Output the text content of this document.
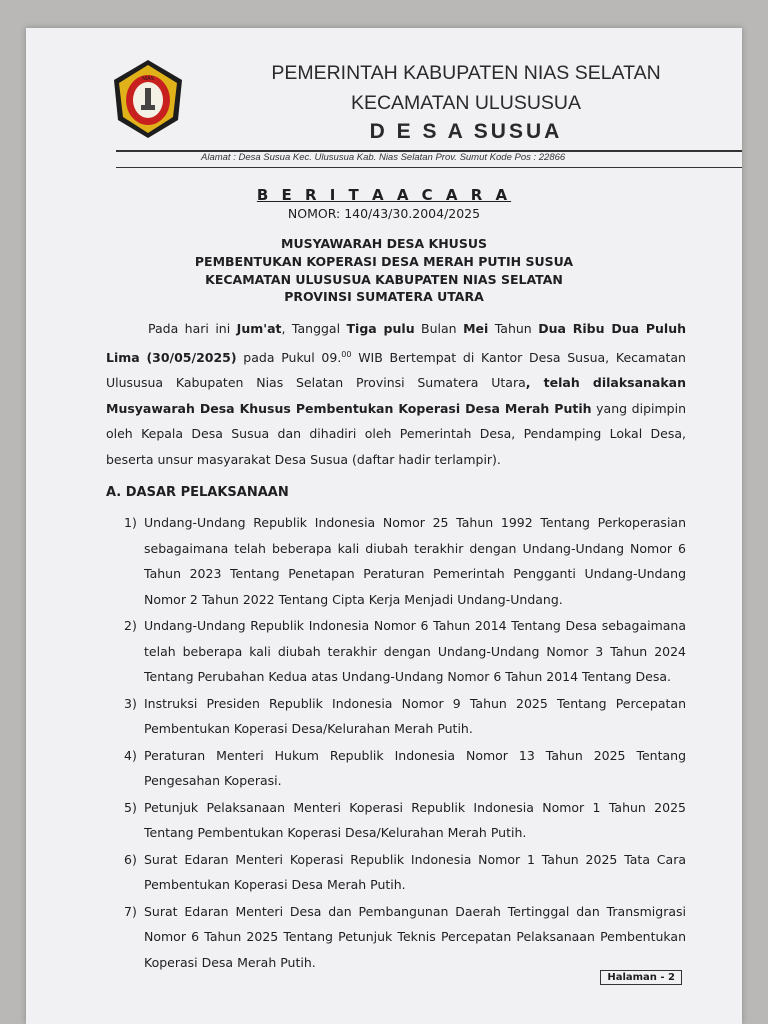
NIAS	PEMERINTAH KABUPATEN NIAS SELATAN
KECAMATAN ULUSUSUA
D E S A SUSUA
Alamat : Desa Susua Kec. Ulususua Kab. Nias Selatan Prov. Sumut Kode Pos : 22866
B E R I T A A C A R A
NOMOR: 140/43/30.2004/2025
MUSYAWARAH DESA KHUSUS
PEMBENTUKAN KOPERASI DESA MERAH PUTIH SUSUA
KECAMATAN ULUSUSUA KABUPATEN NIAS SELATAN
PROVINSI SUMATERA UTARA
Pada hari ini Jum'at, Tanggal Tiga pulu Bulan Mei Tahun Dua Ribu Dua Puluh Lima (30/05/2025) pada Pukul 09.00 WIB Bertempat di Kantor Desa Susua, Kecamatan Ulususua Kabupaten Nias Selatan Provinsi Sumatera Utara, telah dilaksanakan Musyawarah Desa Khusus Pembentukan Koperasi Desa Merah Putih yang dipimpin oleh Kepala Desa Susua dan dihadiri oleh Pemerintah Desa, Pendamping Lokal Desa, beserta unsur masyarakat Desa Susua (daftar hadir terlampir).
A. DASAR PELAKSANAAN
1) Undang-Undang Republik Indonesia Nomor 25 Tahun 1992 Tentang Perkoperasian sebagaimana telah beberapa kali diubah terakhir dengan Undang-Undang Nomor 6 Tahun 2023 Tentang Penetapan Peraturan Pemerintah Pengganti Undang-Undang Nomor 2 Tahun 2022 Tentang Cipta Kerja Menjadi Undang-Undang.
2) Undang-Undang Republik Indonesia Nomor 6 Tahun 2014 Tentang Desa sebagaimana telah beberapa kali diubah terakhir dengan Undang-Undang Nomor 3 Tahun 2024 Tentang Perubahan Kedua atas Undang-Undang Nomor 6 Tahun 2014 Tentang Desa.
3) Instruksi Presiden Republik Indonesia Nomor 9 Tahun 2025 Tentang Percepatan Pembentukan Koperasi Desa/Kelurahan Merah Putih.
4) Peraturan Menteri Hukum Republik Indonesia Nomor 13 Tahun 2025 Tentang Pengesahan Koperasi.
5) Petunjuk Pelaksanaan Menteri Koperasi Republik Indonesia Nomor 1 Tahun 2025 Tentang Pembentukan Koperasi Desa/Kelurahan Merah Putih.
6) Surat Edaran Menteri Koperasi Republik Indonesia Nomor 1 Tahun 2025 Tata Cara Pembentukan Koperasi Desa Merah Putih.
7) Surat Edaran Menteri Desa dan Pembangunan Daerah Tertinggal dan Transmigrasi Nomor 6 Tahun 2025 Tentang Petunjuk Teknis Percepatan Pelaksanaan Pembentukan Koperasi Desa Merah Putih.
Halaman - 2
